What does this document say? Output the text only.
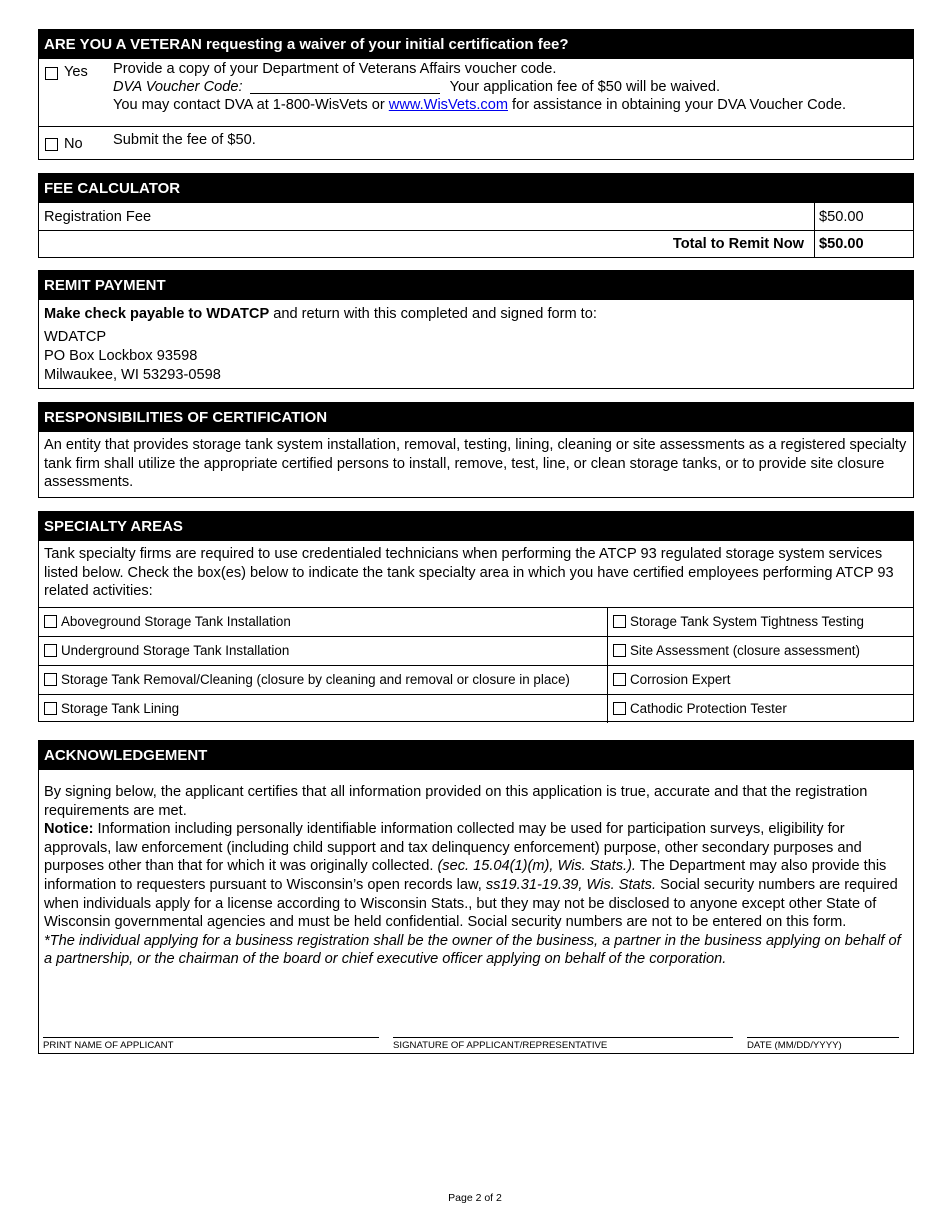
ARE YOU A VETERAN requesting a waiver of your initial certification fee?
Yes Provide a copy of your Department of Veterans Affairs voucher code.
DVA Voucher Code:	Your application fee of $50 will be waived.
You may contact DVA at 1-800-WisVets or www.WisVets.com for assistance in obtaining your DVA Voucher Code.
No Submit the fee of $50.
FEE CALCULATOR
Registration Fee	$50.00
Total to Remit Now	$50.00
REMIT PAYMENT
Make check payable to WDATCP and return with this completed and signed form to:
WDATCP
PO Box Lockbox 93598
Milwaukee, WI 53293-0598
RESPONSIBILITIES OF CERTIFICATION
An entity that provides storage tank system installation, removal, testing, lining, cleaning or site assessments as a registered specialty tank firm shall utilize the appropriate certified persons to install, remove, test, line, or clean storage tanks, or to provide site closure assessments.
SPECIALTY AREAS
Tank specialty firms are required to use credentialed technicians when performing the ATCP 93 regulated storage system services listed below. Check the box(es) below to indicate the tank specialty area in which you have certified employees performing ATCP 93 related activities:
Aboveground Storage Tank Installation	Storage Tank System Tightness Testing
Underground Storage Tank Installation	Site Assessment (closure assessment)
Storage Tank Removal/Cleaning (closure by cleaning and removal or closure in place)	Corrosion Expert
Storage Tank Lining	Cathodic Protection Tester
ACKNOWLEDGEMENT
By signing below, the applicant certifies that all information provided on this application is true, accurate and that the registration requirements are met.
Notice: Information including personally identifiable information collected may be used for participation surveys, eligibility for approvals, law enforcement (including child support and tax delinquency enforcement) purpose, other secondary purposes and purposes other than that for which it was originally collected. (sec. 15.04(1)(m), Wis. Stats.). The Department may also provide this information to requesters pursuant to Wisconsin’s open records law, ss19.31-19.39, Wis. Stats. Social security numbers are required when individuals apply for a license according to Wisconsin Stats., but they may not be disclosed to anyone except other State of Wisconsin governmental agencies and must be held confidential. Social security numbers are not to be entered on this form.
*The individual applying for a business registration shall be the owner of the business, a partner in the business applying on behalf of a partnership, or the chairman of the board or chief executive officer applying on behalf of the corporation.
PRINT NAME OF APPLICANT	SIGNATURE OF APPLICANT/REPRESENTATIVE	DATE (MM/DD/YYYY)
Page 2 of 2
